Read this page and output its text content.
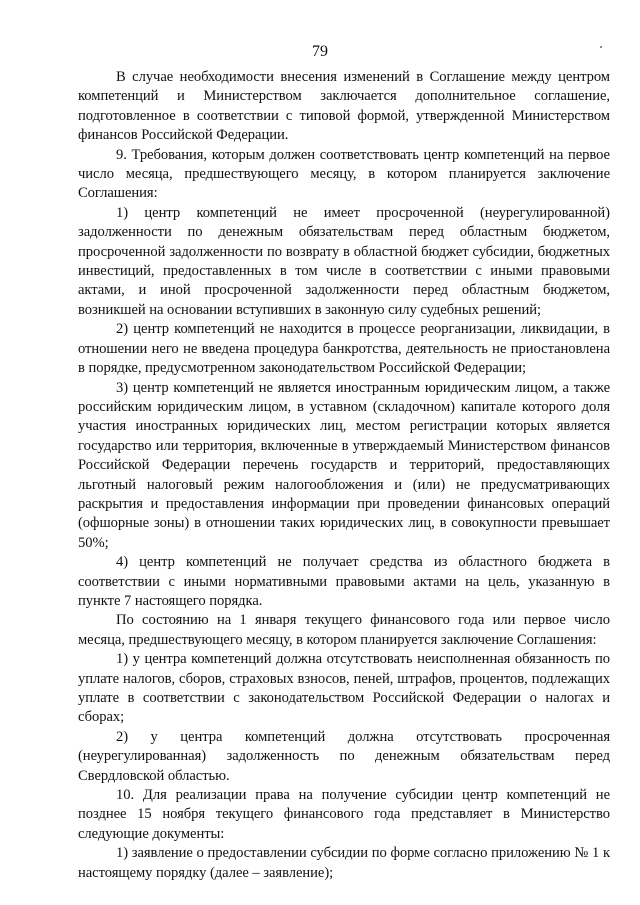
79

В случае необходимости внесения изменений в Соглашение между центром компетенций и Министерством заключается дополнительное соглашение, подготовленное в соответствии с типовой формой, утвержденной Министерством финансов Российской Федерации.

9. Требования, которым должен соответствовать центр компетенций на первое число месяца, предшествующего месяцу, в котором планируется заключение Соглашения:

1) центр компетенций не имеет просроченной (неурегулированной) задолженности по денежным обязательствам перед областным бюджетом, просроченной задолженности по возврату в областной бюджет субсидии, бюджетных инвестиций, предоставленных в том числе в соответствии с иными правовыми актами, и иной просроченной задолженности перед областным бюджетом, возникшей на основании вступивших в законную силу судебных решений;

2) центр компетенций не находится в процессе реорганизации, ликвидации, в отношении него не введена процедура банкротства, деятельность не приостановлена в порядке, предусмотренном законодательством Российской Федерации;

3) центр компетенций не является иностранным юридическим лицом, а также российским юридическим лицом, в уставном (складочном) капитале которого доля участия иностранных юридических лиц, местом регистрации которых является государство или территория, включенные в утверждаемый Министерством финансов Российской Федерации перечень государств и территорий, предоставляющих льготный налоговый режим налогообложения и (или) не предусматривающих раскрытия и предоставления информации при проведении финансовых операций (офшорные зоны) в отношении таких юридических лиц, в совокупности превышает 50%;

4) центр компетенций не получает средства из областного бюджета в соответствии с иными нормативными правовыми актами на цель, указанную в пункте 7 настоящего порядка.

По состоянию на 1 января текущего финансового года или первое число месяца, предшествующего месяцу, в котором планируется заключение Соглашения:

1) у центра компетенций должна отсутствовать неисполненная обязанность по уплате налогов, сборов, страховых взносов, пеней, штрафов, процентов, подлежащих уплате в соответствии с законодательством Российской Федерации о налогах и сборах;

2) у центра компетенций должна отсутствовать просроченная (неурегулированная) задолженность по денежным обязательствам перед Свердловской областью.

10. Для реализации права на получение субсидии центр компетенций не позднее 15 ноября текущего финансового года представляет в Министерство следующие документы:

1) заявление о предоставлении субсидии по форме согласно приложению № 1 к настоящему порядку (далее – заявление);
